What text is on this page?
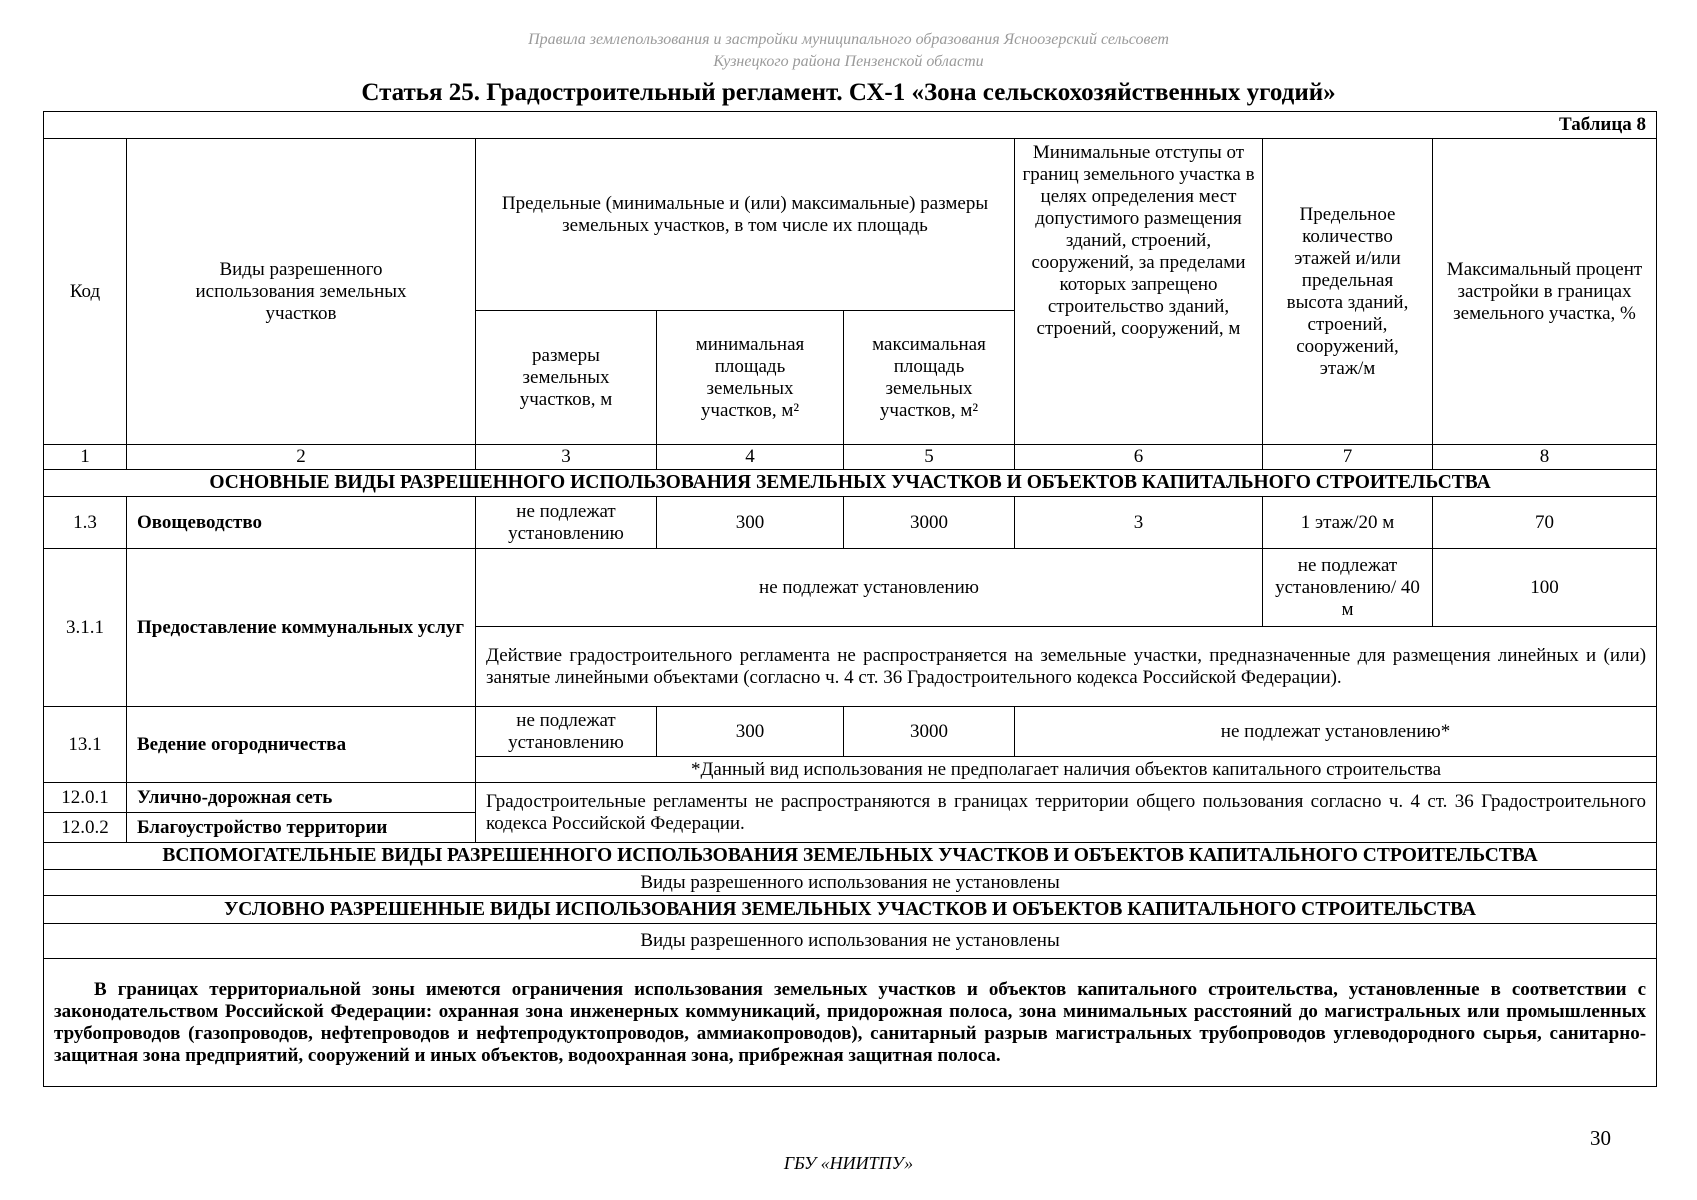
Правила землепользования и застройки муниципального образования Ясноозерский сельсовет
Кузнецкого района Пензенской области
Статья 25. Градостроительный регламент. СХ-1 «Зона сельскохозяйственных угодий»
Таблица 8							
Код	Виды разрешенного использования земельных участков	Предельные (минимальные и (или) максимальные) размеры земельных участков, в том числе их площадь			Минимальные отступы от границ земельного участка в целях определения мест допустимого размещения зданий, строений, сооружений, за пределами которых запрещено строительство зданий, строений, сооружений, м	Предельное количество этажей и/или предельная высота зданий, строений, сооружений, этаж/м	Максимальный процент застройки в границах земельного участка, %
		размеры земельных участков, м	минимальная площадь земельных участков, м²	максимальная площадь земельных участков, м²			
1	2	3	4	5	6	7	8
ОСНОВНЫЕ ВИДЫ РАЗРЕШЕННОГО ИСПОЛЬЗОВАНИЯ ЗЕМЕЛЬНЫХ УЧАСТКОВ И ОБЪЕКТОВ КАПИТАЛЬНОГО СТРОИТЕЛЬСТВА							
1.3	Овощеводство	не подлежат установлению	300	3000	3	1 этаж/20 м	70
3.1.1	Предоставление коммунальных услуг	не подлежат установлению				не подлежат установлению/ 40 м	100
		Действие градостроительного регламента не распространяется на земельные участки, предназначенные для размещения линейных и (или) занятые линейными объектами (согласно ч. 4 ст. 36 Градостроительного кодекса Российской Федерации).					
13.1	Ведение огородничества	не подлежат установлению	300	3000	не подлежат установлению*		
		*Данный вид использования не предполагает наличия объектов капитального строительства					
12.0.1	Улично-дорожная сеть	Градостроительные регламенты не распространяются в границах территории общего пользования согласно ч. 4 ст. 36 Градостроительного кодекса Российской Федерации.					
12.0.2	Благоустройство территории						
ВСПОМОГАТЕЛЬНЫЕ ВИДЫ РАЗРЕШЕННОГО ИСПОЛЬЗОВАНИЯ ЗЕМЕЛЬНЫХ УЧАСТКОВ И ОБЪЕКТОВ КАПИТАЛЬНОГО СТРОИТЕЛЬСТВА							
Виды разрешенного использования не установлены							
УСЛОВНО РАЗРЕШЕННЫЕ ВИДЫ ИСПОЛЬЗОВАНИЯ ЗЕМЕЛЬНЫХ УЧАСТКОВ И ОБЪЕКТОВ КАПИТАЛЬНОГО СТРОИТЕЛЬСТВА							
Виды разрешенного использования не установлены							
В границах территориальной зоны имеются ограничения использования земельных участков и объектов капитального строительства, установленные в соответствии с законодательством Российской Федерации: охранная зона инженерных коммуникаций, придорожная полоса, зона минимальных расстояний до магистральных или промышленных трубопроводов (газопроводов, нефтепроводов и нефтепродуктопроводов, аммиакопроводов), санитарный разрыв магистральных трубопроводов углеводородного сырья, санитарно-защитная зона предприятий, сооружений и иных объектов, водоохранная зона, прибрежная защитная полоса.							
30
ГБУ «НИИТПУ»
